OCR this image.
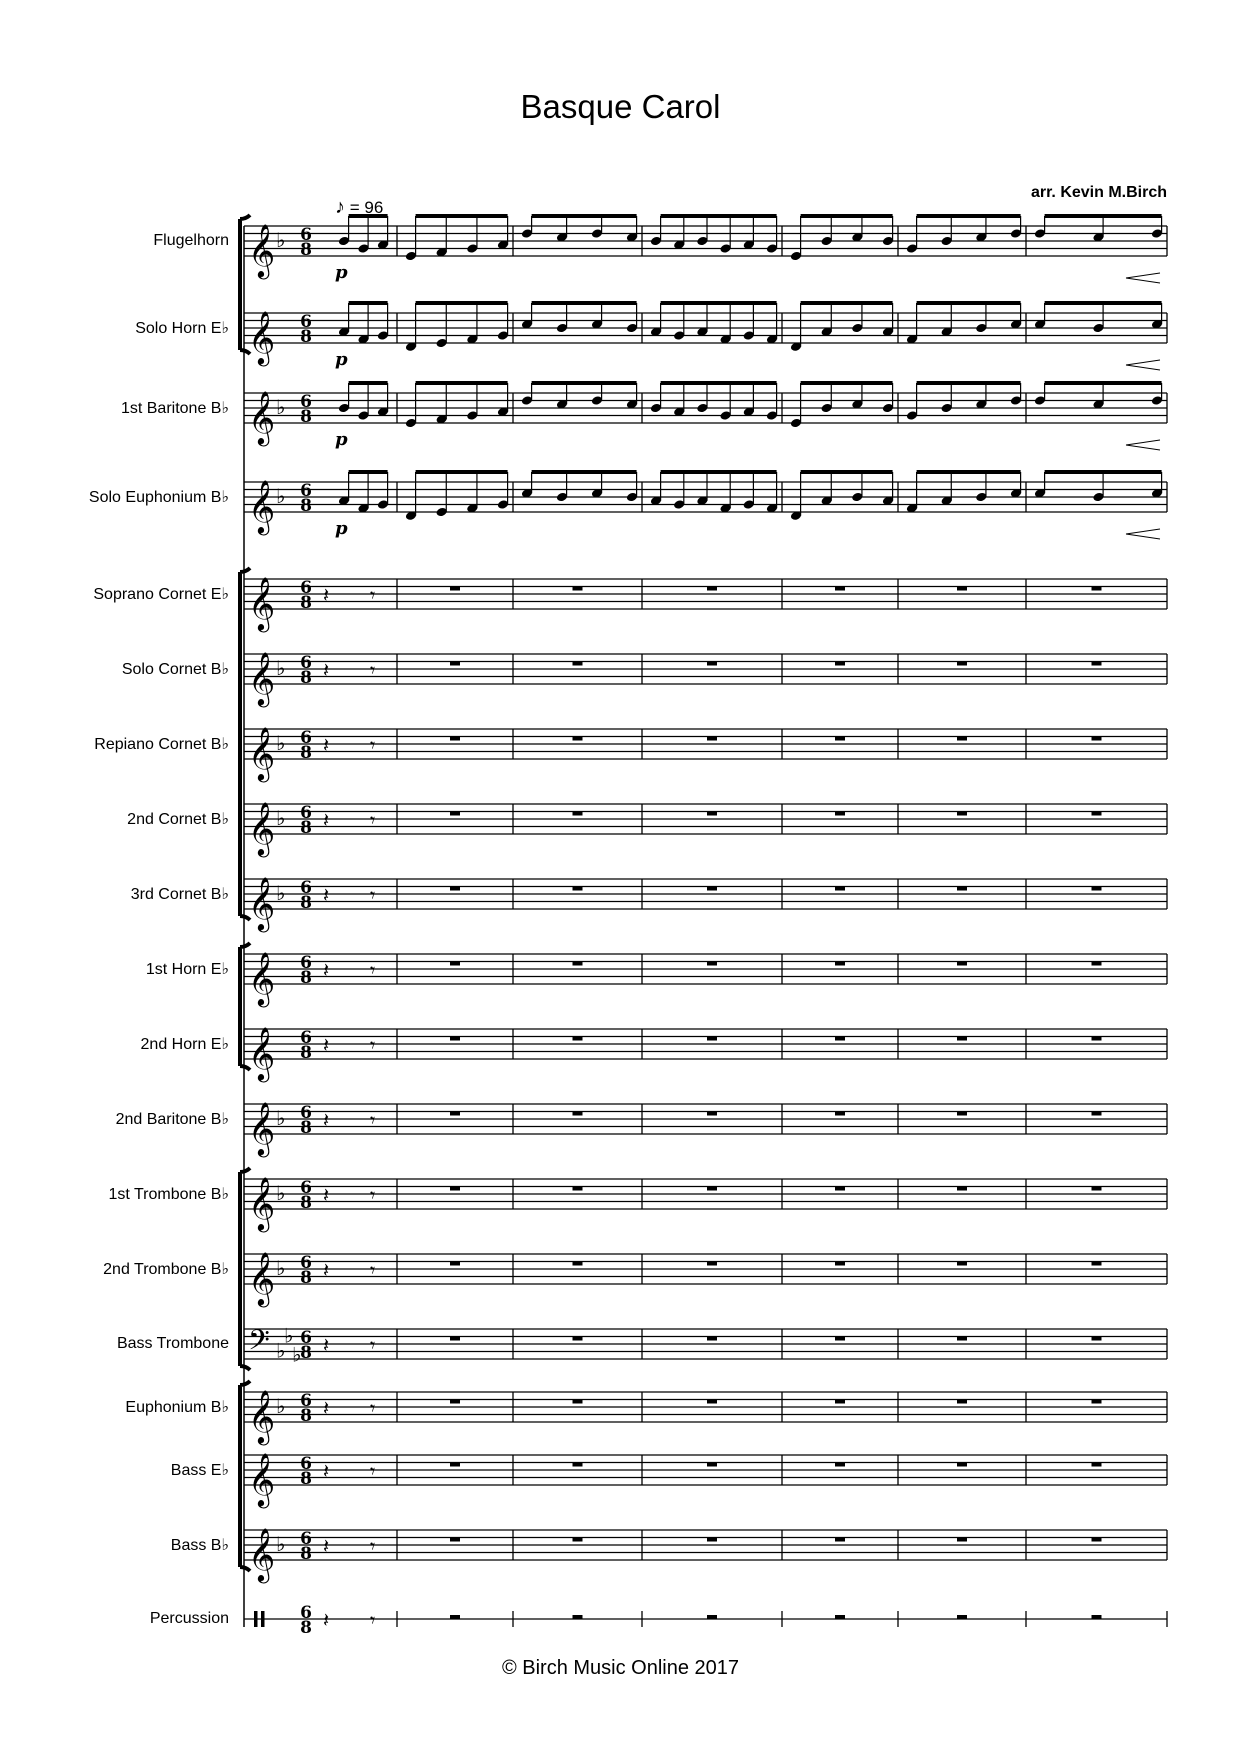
Basque Carol
arr. Kevin M.Birch
♪ = 96
𝄞 ♭ 6
8
p
𝄞 6
8
p
𝄞 ♭ 6
8
p
𝄞 ♭ 6
8
p
𝄞 6
8 𝄽 𝄾
𝄞 ♭ 6
8 𝄽 𝄾
𝄞 ♭ 6
8 𝄽 𝄾
𝄞 ♭ 6
8 𝄽 𝄾
𝄞 ♭ 6
8 𝄽 𝄾
𝄞 6
8 𝄽 𝄾
𝄞 6
8 𝄽 𝄾
𝄞 ♭ 6
8 𝄽 𝄾
𝄞 ♭ 6
8 𝄽 𝄾
𝄞 ♭ 6
8 𝄽 𝄾
𝄢 ♭
♭
♭
6
8 𝄽 𝄾
𝄞 ♭ 6
8 𝄽 𝄾
𝄞 6
8 𝄽 𝄾
𝄞 ♭ 6
8 𝄽 𝄾
6
8 𝄽 𝄾
Flugelhorn
Solo Horn E♭
1st Baritone B♭
Solo Euphonium B♭
Soprano Cornet E♭
Solo Cornet B♭
Repiano Cornet B♭
2nd Cornet B♭
3rd Cornet B♭
1st Horn E♭
2nd Horn E♭
2nd Baritone B♭
1st Trombone B♭
2nd Trombone B♭
Bass Trombone
Euphonium B♭
Bass E♭
Bass B♭
Percussion
© Birch Music Online 2017
